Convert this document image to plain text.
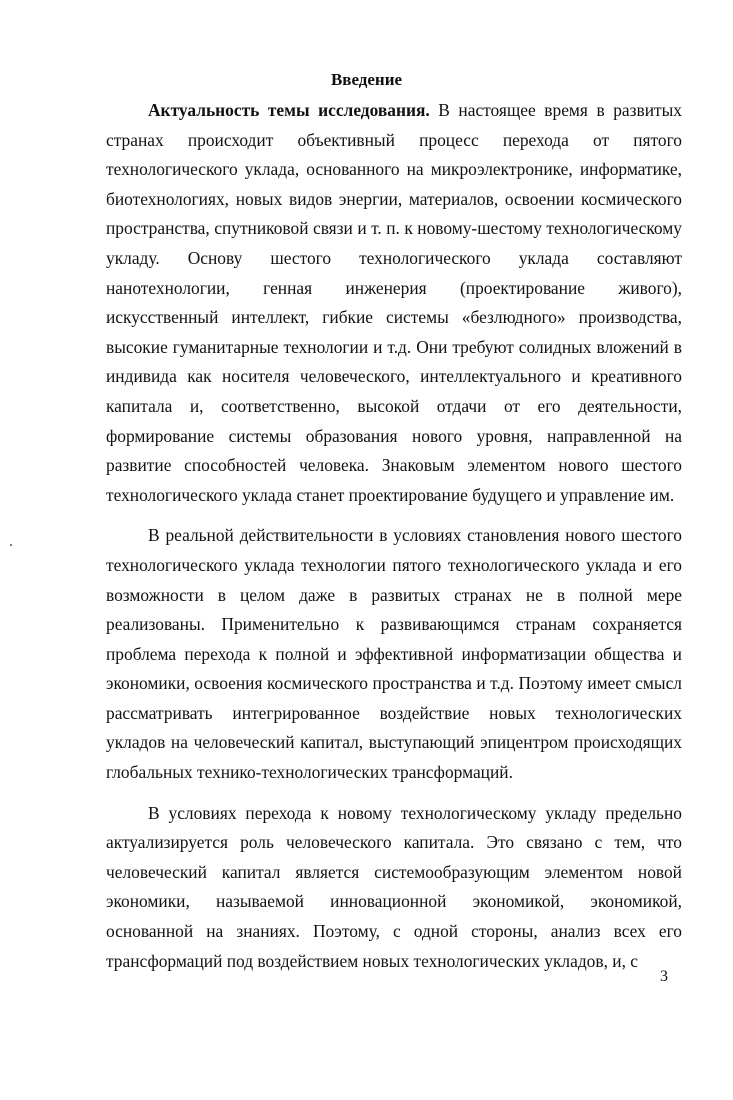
Введение

Актуальность темы исследования. В настоящее время в развитых странах происходит объективный процесс перехода от пятого технологического уклада, основанного на микроэлектронике, информатике, биотехнологиях, новых видов энергии, материалов, освоении космического пространства, спутниковой связи и т. п. к новому-шестому технологическому укладу. Основу шестого технологического уклада составляют нанотехнологии, генная инженерия (проектирование живого), искусственный интеллект, гибкие системы «безлюдного» производства, высокие гуманитарные технологии и т.д. Они требуют солидных вложений в индивида как носителя человеческого, интеллектуального и креативного капитала и, соответственно, высокой отдачи от его деятельности, формирование системы образования нового уровня, направленной на развитие способностей человека. Знаковым элементом нового шестого технологического уклада станет проектирование будущего и управление им.

В реальной действительности в условиях становления нового шестого технологического уклада технологии пятого технологического уклада и его возможности в целом даже в развитых странах не в полной мере реализованы. Применительно к развивающимся странам сохраняется проблема перехода к полной и эффективной информатизации общества и экономики, освоения космического пространства и т.д. Поэтому имеет смысл рассматривать интегрированное воздействие новых технологических укладов на человеческий капитал, выступающий эпицентром происходящих глобальных технико-технологических трансформаций.

В условиях перехода к новому технологическому укладу предельно актуализируется роль человеческого капитала. Это связано с тем, что человеческий капитал является системообразующим элементом новой экономики, называемой инновационной экономикой, экономикой, основанной на знаниях. Поэтому, с одной стороны, анализ всех его трансформаций под воздействием новых технологических укладов, и, с

3
